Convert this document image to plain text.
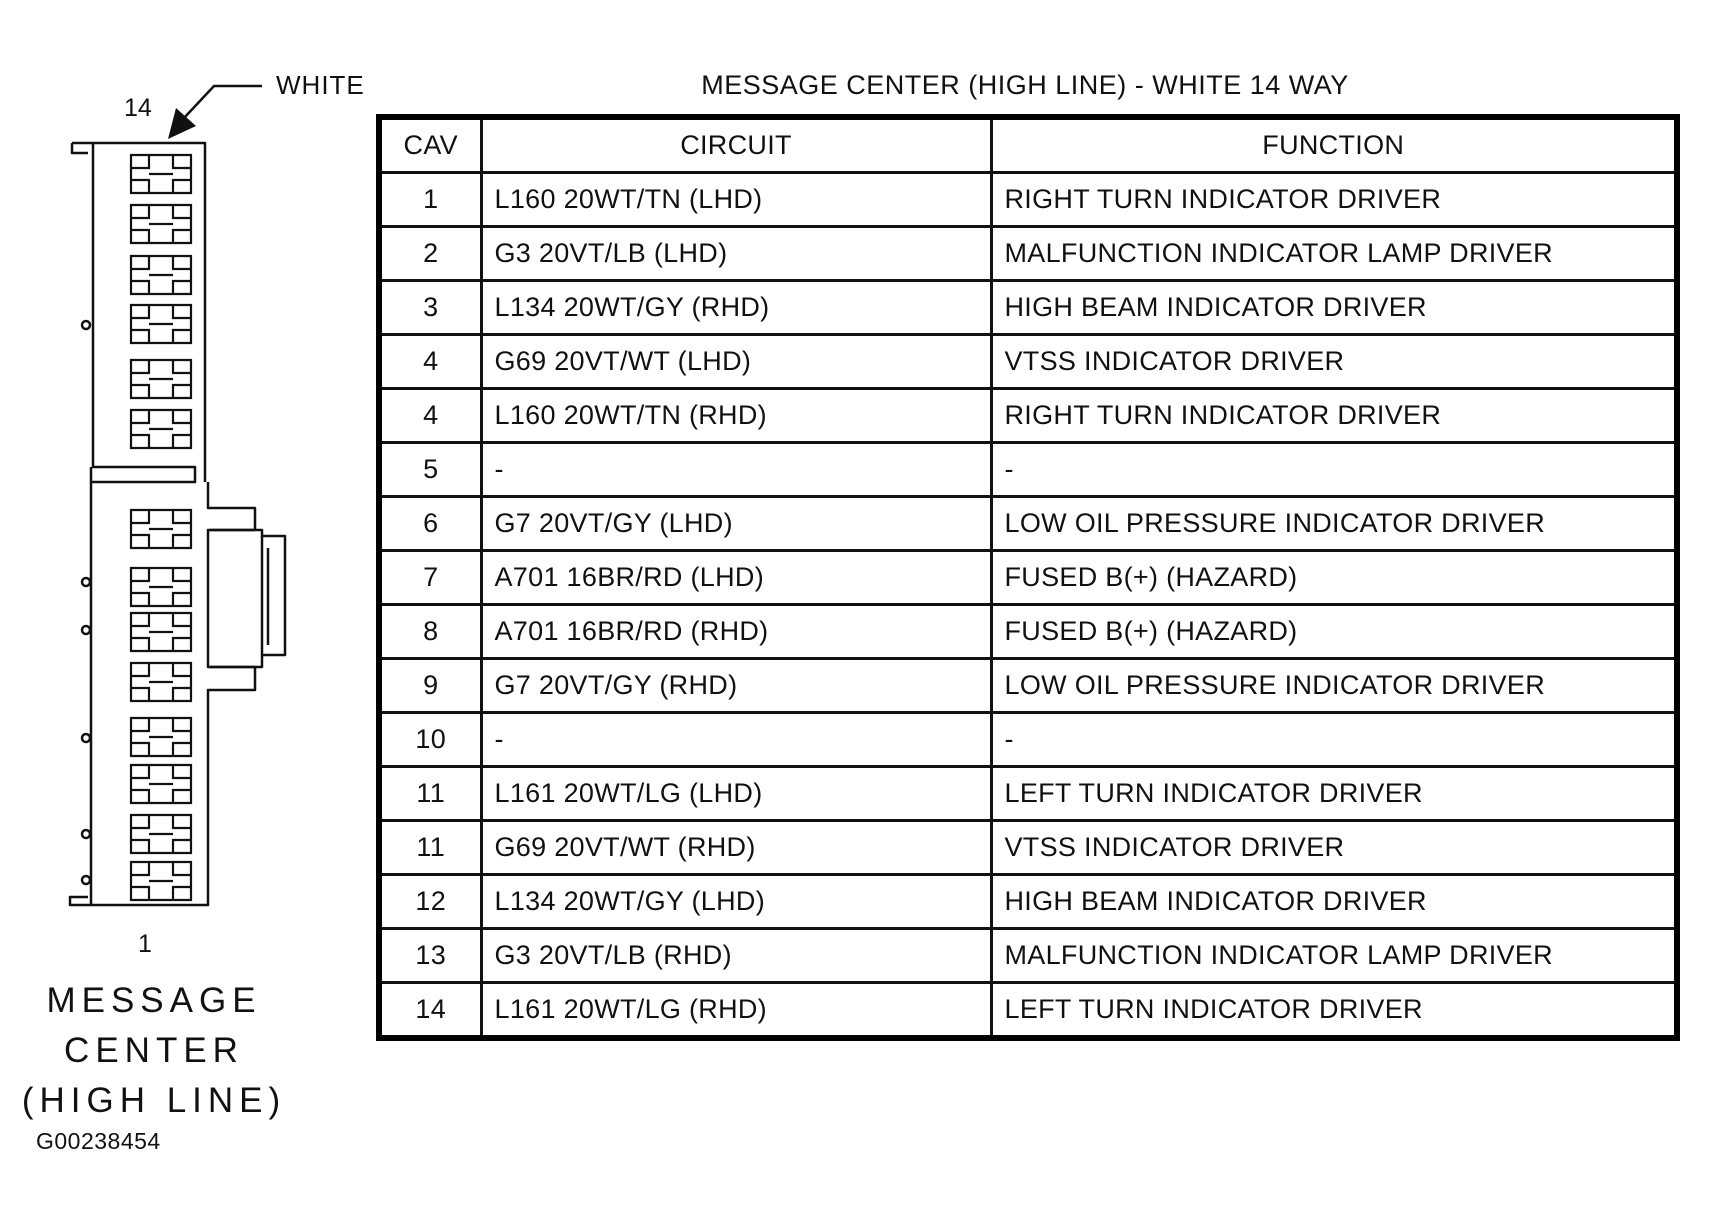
14
WHITE
1
MESSAGE
CENTER
(HIGH LINE)
G00238454
MESSAGE CENTER (HIGH LINE) - WHITE 14 WAY
CAV	CIRCUIT	FUNCTION
1	L160 20WT/TN (LHD)	RIGHT TURN INDICATOR DRIVER
2	G3 20VT/LB (LHD)	MALFUNCTION INDICATOR LAMP DRIVER
3	L134 20WT/GY (RHD)	HIGH BEAM INDICATOR DRIVER
4	G69 20VT/WT (LHD)	VTSS INDICATOR DRIVER
4	L160 20WT/TN (RHD)	RIGHT TURN INDICATOR DRIVER
5	-	-
6	G7 20VT/GY (LHD)	LOW OIL PRESSURE INDICATOR DRIVER
7	A701 16BR/RD (LHD)	FUSED B(+) (HAZARD)
8	A701 16BR/RD (RHD)	FUSED B(+) (HAZARD)
9	G7 20VT/GY (RHD)	LOW OIL PRESSURE INDICATOR DRIVER
10	-	-
11	L161 20WT/LG (LHD)	LEFT TURN INDICATOR DRIVER
11	G69 20VT/WT (RHD)	VTSS INDICATOR DRIVER
12	L134 20WT/GY (LHD)	HIGH BEAM INDICATOR DRIVER
13	G3 20VT/LB (RHD)	MALFUNCTION INDICATOR LAMP DRIVER
14	L161 20WT/LG (RHD)	LEFT TURN INDICATOR DRIVER
